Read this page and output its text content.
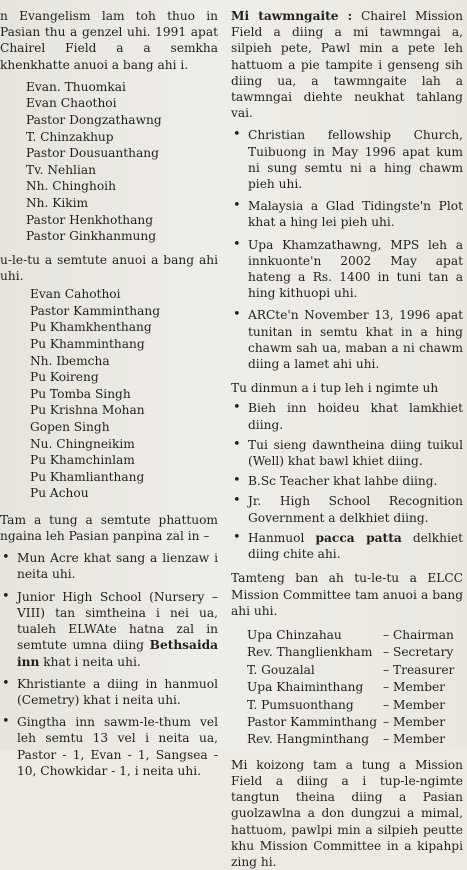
n Evangelism lam toh thuo in Pasian thu a genzel uhi. 1991 apat Chairel Field a a semkha khenkhatte anuoi a bang ahi i.

Evan. Thuomkai
Evan Chaothoi
Pastor Dongzathawng
T. Chinzakhup
Pastor Dousuanthang
Tv. Nehlian
Nh. Chinghoih
Nh. Kikim
Pastor Henkhothang
Pastor Ginkhanmung

u-le-tu a semtute anuoi a bang ahi uhi.

Evan Cahothoi
Pastor Kamminthang
Pu Khamkhenthang
Pu Khamminthang
Nh. Ibemcha
Pu Koireng
Pu Tomba Singh
Pu Krishna Mohan
Gopen Singh
Nu. Chingneikim
Pu Khamchinlam
Pu Khamlianthang
Pu Achou

Tam a tung a semtute phattuom ngaina leh Pasian panpina zal in –

• Mun Acre khat sang a lienzaw i neita uhi.
• Junior High School (Nursery – VIII) tan simtheina i nei ua, tualeh ELWAte hatna zal in semtute umna diing Bethsaida inn khat i neita uhi.
• Khristiante a diing in hanmuol (Cemetry) khat i neita uhi.
• Gingtha inn sawm-le-thum vel leh semtu 13 vel i neita ua, Pastor - 1, Evan - 1, Sangsea - 10, Chowkidar - 1, i neita uhi.

Mi tawmngaite : Chairel Mission Field a diing a mi tawmngai a, silpieh pete, Pawl min a pete leh hattuom a pie tampite i genseng sih diing ua, a tawmngaite lah a tawmngai diehte neukhat tahlang vai.

• Christian fellowship Church, Tuibuong in May 1996 apat kum ni sung semtu ni a hing chawm pieh uhi.
• Malaysia a Glad Tidingste'n Plot khat a hing lei pieh uhi.
• Upa Khamzathawng, MPS leh a innkuonte'n 2002 May apat hateng a Rs. 1400 in tuni tan a hing kithuopi uhi.
• ARCte'n November 13, 1996 apat tunitan in semtu khat in a hing chawm sah ua, maban a ni chawm diing a lamet ahi uhi.

Tu dinmun a i tup leh i ngimte uh

• Bieh inn hoideu khat lamkhiet diing.
• Tui sieng dawntheina diing tuikul (Well) khat bawl khiet diing.
• B.Sc Teacher khat lahbe diing.
• Jr. High School Recognition Government a delkhiet diing.
• Hanmuol pacca patta delkhiet diing chite ahi.

Tamteng ban ah tu-le-tu a ELCC Mission Committee tam anuoi a bang ahi uhi.

Upa Chinzahau	– Chairman
Rev. Thanglienkham	– Secretary
T. Gouzalal	– Treasurer
Upa Khaiminthang	– Member
T. Pumsuonthang	– Member
Pastor Kamminthang	– Member
Rev. Hangminthang	– Member

Mi koizong tam a tung a Mission Field a diing a i tup-le-ngimte tangtun theina diing a Pasian guolzawlna a don dungzui a mimal, hattuom, pawlpi min a silpieh peutte khu Mission Committee in a kipahpi zing hi.
